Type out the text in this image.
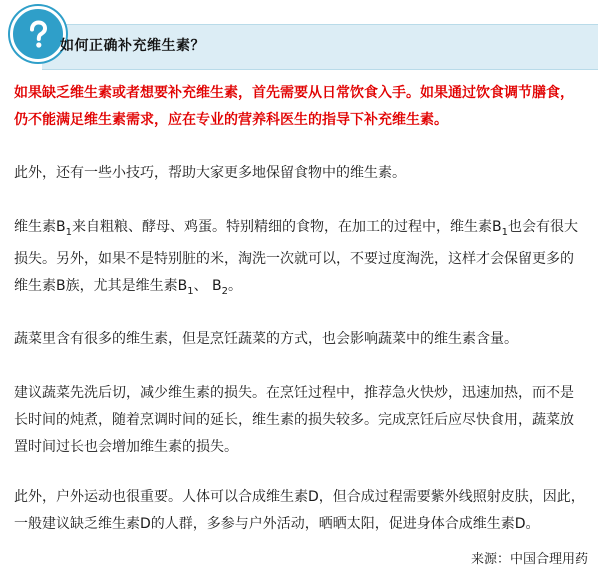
如何正确补充维生素？
如果缺乏维生素或者想要补充维生素，首先需要从日常饮食入手。如果通过饮食调节膳食，
仍不能满足维生素需求，应在专业的营养科医生的指导下补充维生素。
此外，还有一些小技巧，帮助大家更多地保留食物中的维生素。
维生素$B_1$来自粗粮、酵母、鸡蛋。特别精细的食物，在加工的过程中，维生素$B_1$也会有很大
损失。另外，如果不是特别脏的米，淘洗一次就可以，不要过度淘洗，这样才会保留更多的
维生素B族，尤其是维生素$B_1$、 $B_2$。
蔬菜里含有很多的维生素，但是烹饪蔬菜的方式，也会影响蔬菜中的维生素含量。
建议蔬菜先洗后切，减少维生素的损失。在烹饪过程中，推荐急火快炒，迅速加热，而不是
长时间的炖煮，随着烹调时间的延长，维生素的损失较多。完成烹饪后应尽快食用，蔬菜放
置时间过长也会增加维生素的损失。
此外，户外运动也很重要。人体可以合成维生素D，但合成过程需要紫外线照射皮肤，因此，
一般建议缺乏维生素D的人群，多参与户外活动，晒晒太阳，促进身体合成维生素D。
来源：中国合理用药
